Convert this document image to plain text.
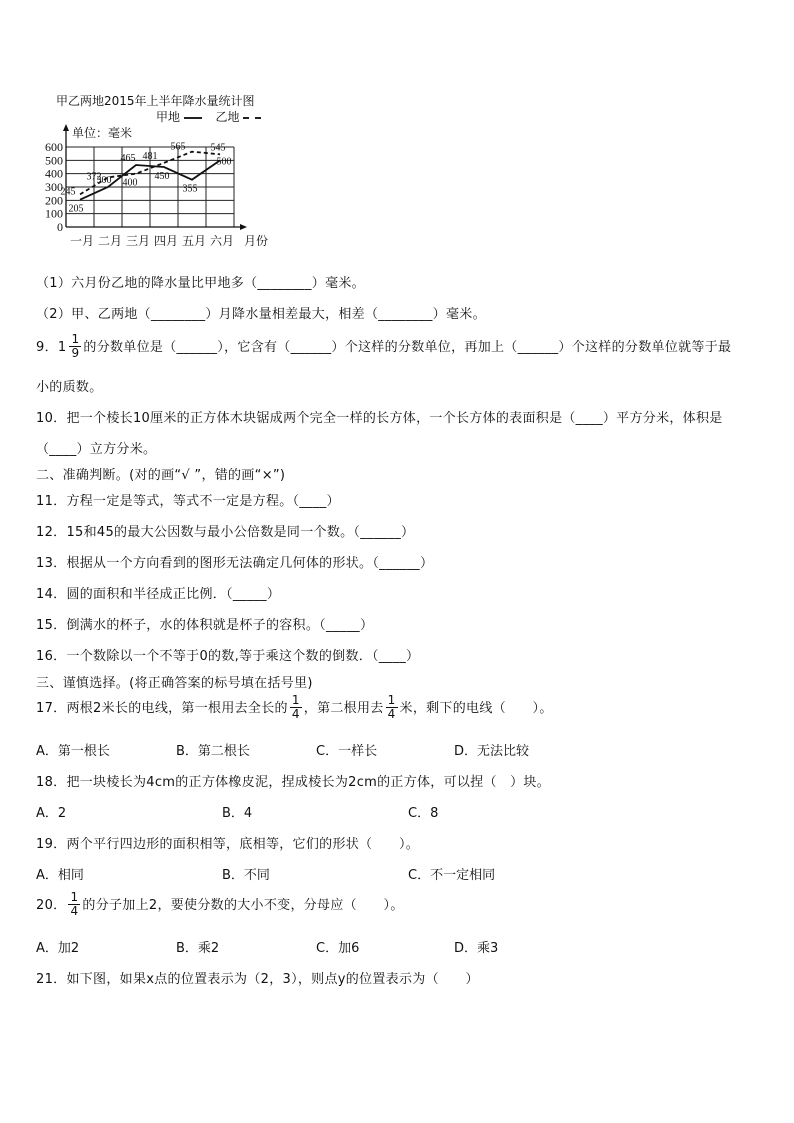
甲乙两地2015年上半年降水量统计图
甲地	乙地
0
100
200
300
400
500
600
单位：毫米
一月 二月 三月 四月 五月 六月 月份
205
300
465
450
355
500
245
372
400
481
565	545
（1）六月份乙地的降水量比甲地多（________）毫米。
（2）甲、乙两地（________）月降水量相差最大，相差（________）毫米。
9． $1 \frac{1}{9}$ 的分数单位是（______），它含有（______）个这样的分数单位，再加上（______）个这样的分数单位就等于最
小的质数。
10．把一个棱长10厘米的正方体木块锯成两个完全一样的长方体，一个长方体的表面积是（____）平方分米，体积是
（____）立方分米。
二、准确判断。(对的画“√ ”，错的画“×”)
11．方程一定是等式，等式不一定是方程。（____）
12．15和45的最大公因数与最小公倍数是同一个数。（______）
13．根据从一个方向看到的图形无法确定几何体的形状。（______）
14．圆的面积和半径成正比例．（_____）
15．倒满水的杯子，水的体积就是杯子的容积。（_____）
16．一个数除以一个不等于0的数,等于乘这个数的倒数．（____）
三、谨慎选择。(将正确答案的标号填在括号里)
17．两根2米长的电线，第一根用去全长的 $\frac{1}{4}$ ，第二根用去 $\frac{1}{4}$ 米，剩下的电线（　　）。
A．第一根长	B．第二根长	C．一样长	D．无法比较
18．把一块棱长为4cm的正方体橡皮泥，捏成棱长为2cm的正方体，可以捏（　）块。
A．2	B．4	C．8
19．两个平行四边形的面积相等，底相等，它们的形状（　　）。
A．相同	B．不同	C．不一定相同
20． $\frac{1}{4}$ 的分子加上2，要使分数的大小不变，分母应（　　）。
A．加2	B．乘2	C．加6	D．乘3
21．如下图，如果x点的位置表示为（2，3），则点y的位置表示为（　　）
